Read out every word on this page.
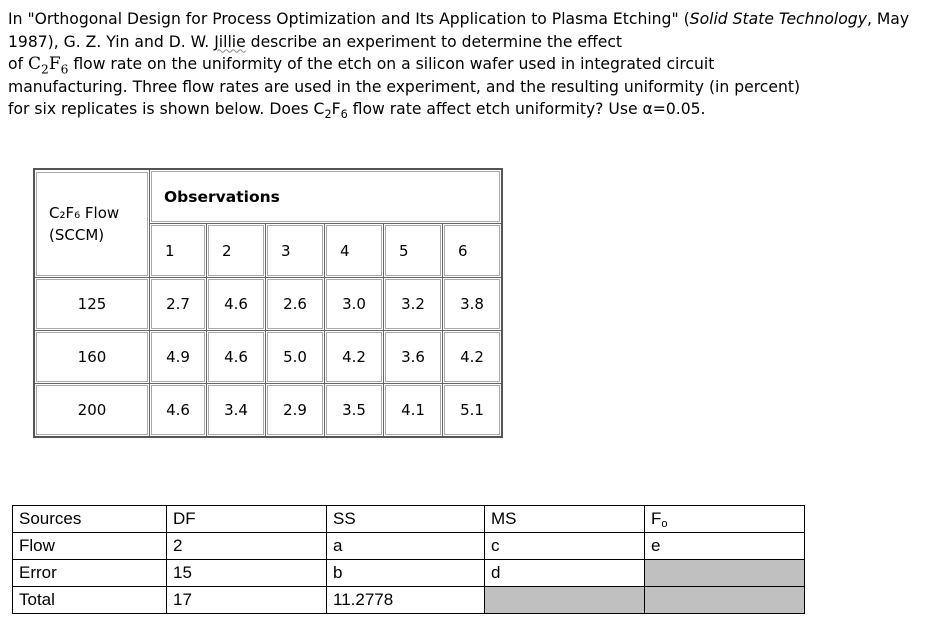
In "Orthogonal Design for Process Optimization and Its Application to Plasma Etching" (Solid State Technology, May 1987), G. Z. Yin and D. W. Jillie describe an experiment to determine the effect
of $C_2F_6$ flow rate on the uniformity of the etch on a silicon wafer used in integrated circuit
manufacturing. Three flow rates are used in the experiment, and the resulting uniformity (in percent)
for six replicates is shown below. Does $C_2F_6$ flow rate affect etch uniformity? Use α=0.05.

C₂F₆ Flow
(SCCM)	Observations					

	1	2	3	4	5	6

125	2.7	4.6	2.6	3.0	3.2	3.8

160	4.9	4.6	5.0	4.2	3.6	4.2

200	4.6	3.4	2.9	3.5	4.1	5.1
Sources	DF	SS	MS	Fo
Flow	2	a	c	e
Error	15	b	d	
Total	17	11.2778		
